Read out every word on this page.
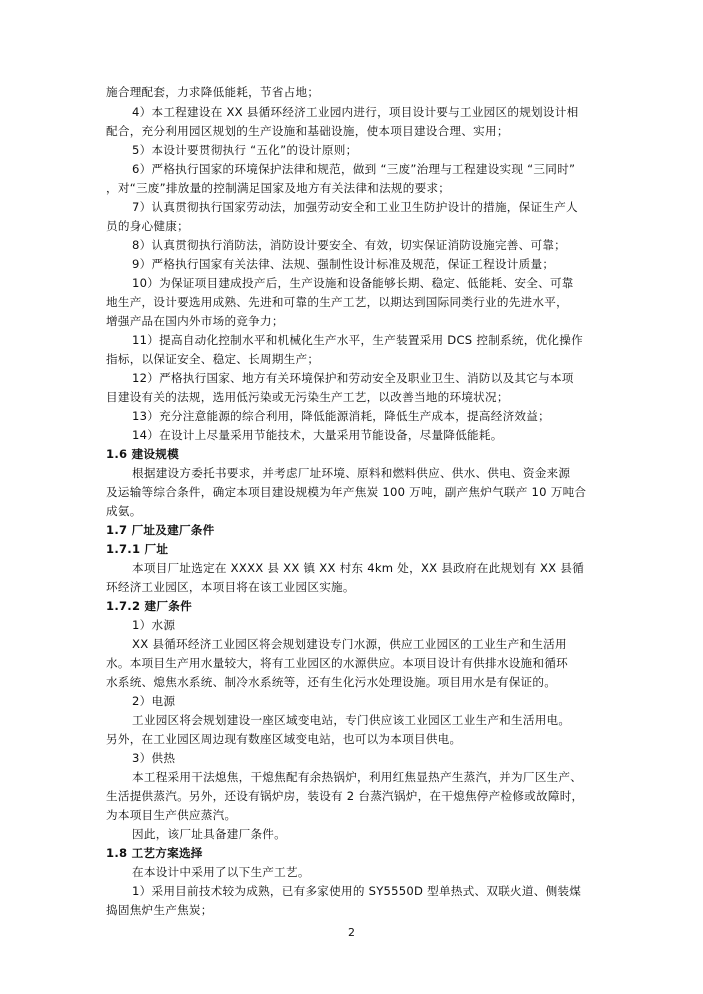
施合理配套，力求降低能耗，节省占地；
4）本工程建设在 XX 县循环经济工业园内进行，项目设计要与工业园区的规划设计相
配合，充分利用园区规划的生产设施和基础设施，使本项目建设合理、实用；
5）本设计要贯彻执行 “五化”的设计原则；
6）严格执行国家的环境保护法律和规范，做到 “三废”治理与工程建设实现 “三同时”
，对“三废”排放量的控制满足国家及地方有关法律和法规的要求；
7）认真贯彻执行国家劳动法，加强劳动安全和工业卫生防护设计的措施，保证生产人
员的身心健康；
8）认真贯彻执行消防法，消防设计要安全、有效，切实保证消防设施完善、可靠；
9）严格执行国家有关法律、法规、强制性设计标准及规范，保证工程设计质量；
10）为保证项目建成投产后，生产设施和设备能够长期、稳定、低能耗、安全、可靠
地生产，设计要选用成熟、先进和可靠的生产工艺，以期达到国际同类行业的先进水平，
增强产品在国内外市场的竞争力；
11）提高自动化控制水平和机械化生产水平，生产装置采用 DCS 控制系统，优化操作
指标，以保证安全、稳定、长周期生产；
12）严格执行国家、地方有关环境保护和劳动安全及职业卫生、消防以及其它与本项
目建设有关的法规，选用低污染或无污染生产工艺，以改善当地的环境状况；
13）充分注意能源的综合利用，降低能源消耗，降低生产成本，提高经济效益；
14）在设计上尽量采用节能技术，大量采用节能设备，尽量降低能耗。
1.6 建设规模
根据建设方委托书要求，并考虑厂址环境、原料和燃料供应、供水、供电、资金来源
及运输等综合条件，确定本项目建设规模为年产焦炭 100 万吨，副产焦炉气联产 10 万吨合
成氨。
1.7 厂址及建厂条件
1.7.1 厂址
本项目厂址选定在 XXXX 县 XX 镇 XX 村东 4km 处，XX 县政府在此规划有 XX 县循
环经济工业园区，本项目将在该工业园区实施。
1.7.2 建厂条件
1）水源
XX 县循环经济工业园区将会规划建设专门水源，供应工业园区的工业生产和生活用
水。本项目生产用水量较大，将有工业园区的水源供应。本项目设计有供排水设施和循环
水系统、熄焦水系统、制冷水系统等，还有生化污水处理设施。项目用水是有保证的。
2）电源
工业园区将会规划建设一座区域变电站，专门供应该工业园区工业生产和生活用电。
另外，在工业园区周边现有数座区域变电站，也可以为本项目供电。
3）供热
本工程采用干法熄焦，干熄焦配有余热锅炉，利用红焦显热产生蒸汽，并为厂区生产、
生活提供蒸汽。另外，还设有锅炉房，装设有 2 台蒸汽锅炉，在干熄焦停产检修或故障时，
为本项目生产供应蒸汽。
因此，该厂址具备建厂条件。
1.8 工艺方案选择
在本设计中采用了以下生产工艺。
1）采用目前技术较为成熟，已有多家使用的 SY5550D 型单热式、双联火道、侧装煤
捣固焦炉生产焦炭；
2
